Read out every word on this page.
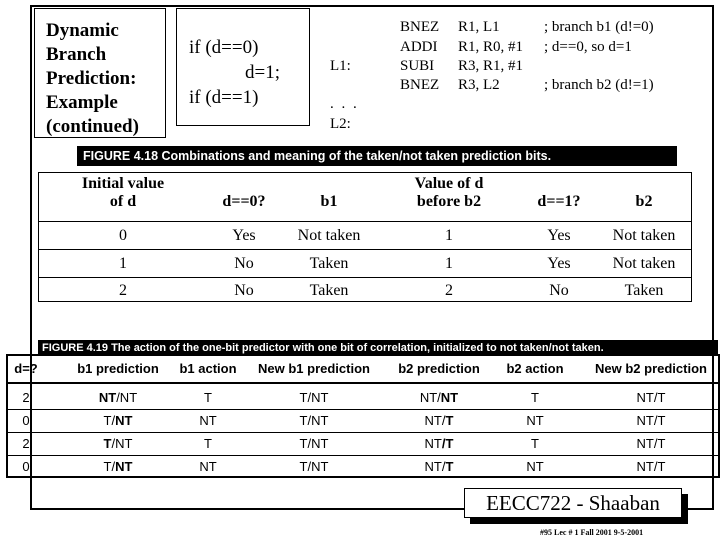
Dynamic
Branch
Prediction:
Example
(continued)
if (d==0)
d=1;
if (d==1)
L1:
. . .
L2:
BNEZ R1, L1	; branch b1 (d!=0)
ADDI R1, R0, #1 ; d==0, so d=1
SUBI R3, R1, #1
BNEZ R3, L2	; branch b2 (d!=1)
FIGURE 4.18 Combinations and meaning of the taken/not taken prediction bits.
Initial value
of d	d==0?	b1
Value of d
before b2	d==1?	b2
0	Yes	Not taken	1	Yes	Not taken
1	No	Taken	1	Yes	Not taken
2	No	Taken	2	No	Taken
FIGURE 4.19 The action of the one-bit predictor with one bit of correlation, initialized to not taken/not taken.
d=?	b1 prediction	b1 action	New b1 prediction	b2 prediction	b2 action	New b2 prediction
2	NT/NT	T	T/NT	NT/NT	T	NT/T
0	T/NT	NT	T/NT	NT/T	NT	NT/T
2	T/NT	T	T/NT	NT/T	T	NT/T
0	T/NT	NT	T/NT	NT/T	NT	NT/T
EECC722 - Shaaban
#95 Lec # 1 Fall 2001 9-5-2001
